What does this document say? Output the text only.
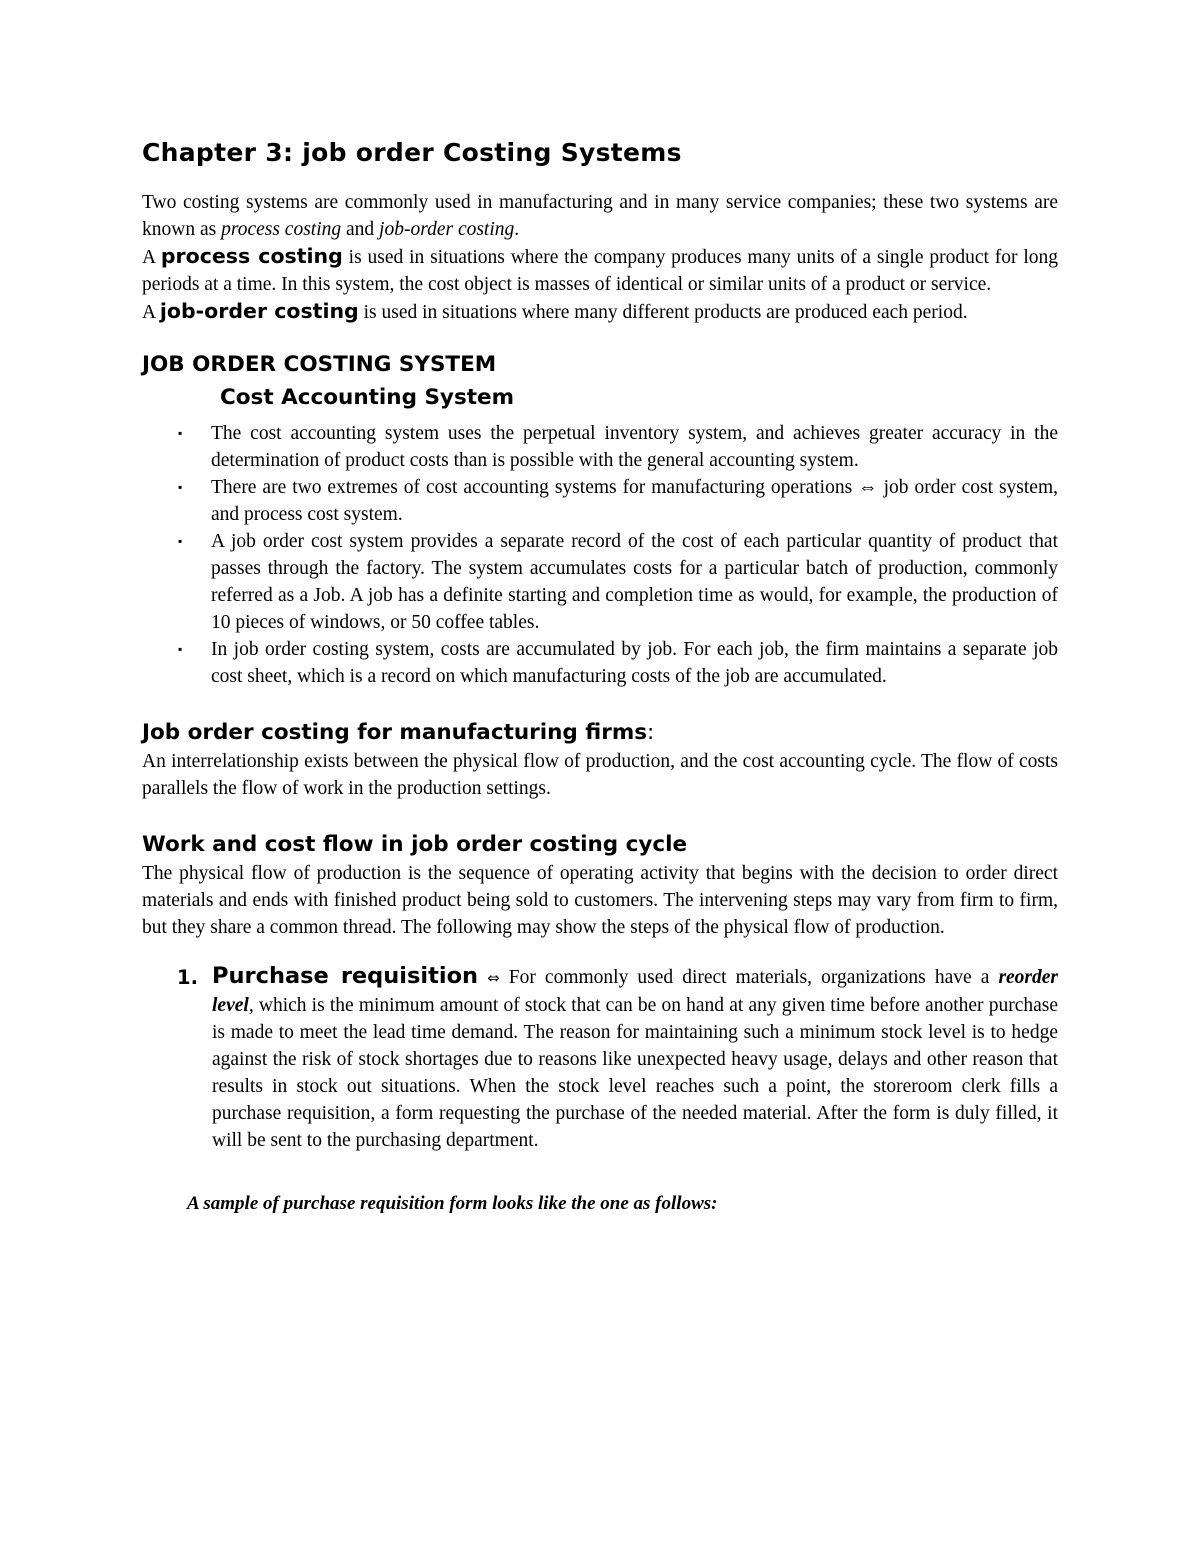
Chapter 3: job order Costing Systems

Two costing systems are commonly used in manufacturing and in many service companies; these two systems are known as process costing and job-order costing.

A process costing is used in situations where the company produces many units of a single product for long periods at a time. In this system, the cost object is masses of identical or similar units of a product or service.

A job-order costing is used in situations where many different products are produced each period.

JOB ORDER COSTING SYSTEM
Cost Accounting System
▪ The cost accounting system uses the perpetual inventory system, and achieves greater accuracy in the determination of product costs than is possible with the general accounting system.
▪ There are two extremes of cost accounting systems for manufacturing operations ⇔ job order cost system, and process cost system.
▪ A job order cost system provides a separate record of the cost of each particular quantity of product that passes through the factory. The system accumulates costs for a particular batch of production, commonly referred as a Job. A job has a definite starting and completion time as would, for example, the production of 10 pieces of windows, or 50 coffee tables.
▪ In job order costing system, costs are accumulated by job. For each job, the firm maintains a separate job cost sheet, which is a record on which manufacturing costs of the job are accumulated.
Job order costing for manufacturing firms:

An interrelationship exists between the physical flow of production, and the cost accounting cycle. The flow of costs parallels the flow of work in the production settings.

Work and cost flow in job order costing cycle

The physical flow of production is the sequence of operating activity that begins with the decision to order direct materials and ends with finished product being sold to customers. The intervening steps may vary from firm to firm, but they share a common thread. The following may show the steps of the physical flow of production.

1. Purchase requisition ⇔ For commonly used direct materials, organizations have a reorder level, which is the minimum amount of stock that can be on hand at any given time before another purchase is made to meet the lead time demand. The reason for maintaining such a minimum stock level is to hedge against the risk of stock shortages due to reasons like unexpected heavy usage, delays and other reason that results in stock out situations. When the stock level reaches such a point, the storeroom clerk fills a purchase requisition, a form requesting the purchase of the needed material. After the form is duly filled, it will be sent to the purchasing department.

A sample of purchase requisition form looks like the one as follows:
